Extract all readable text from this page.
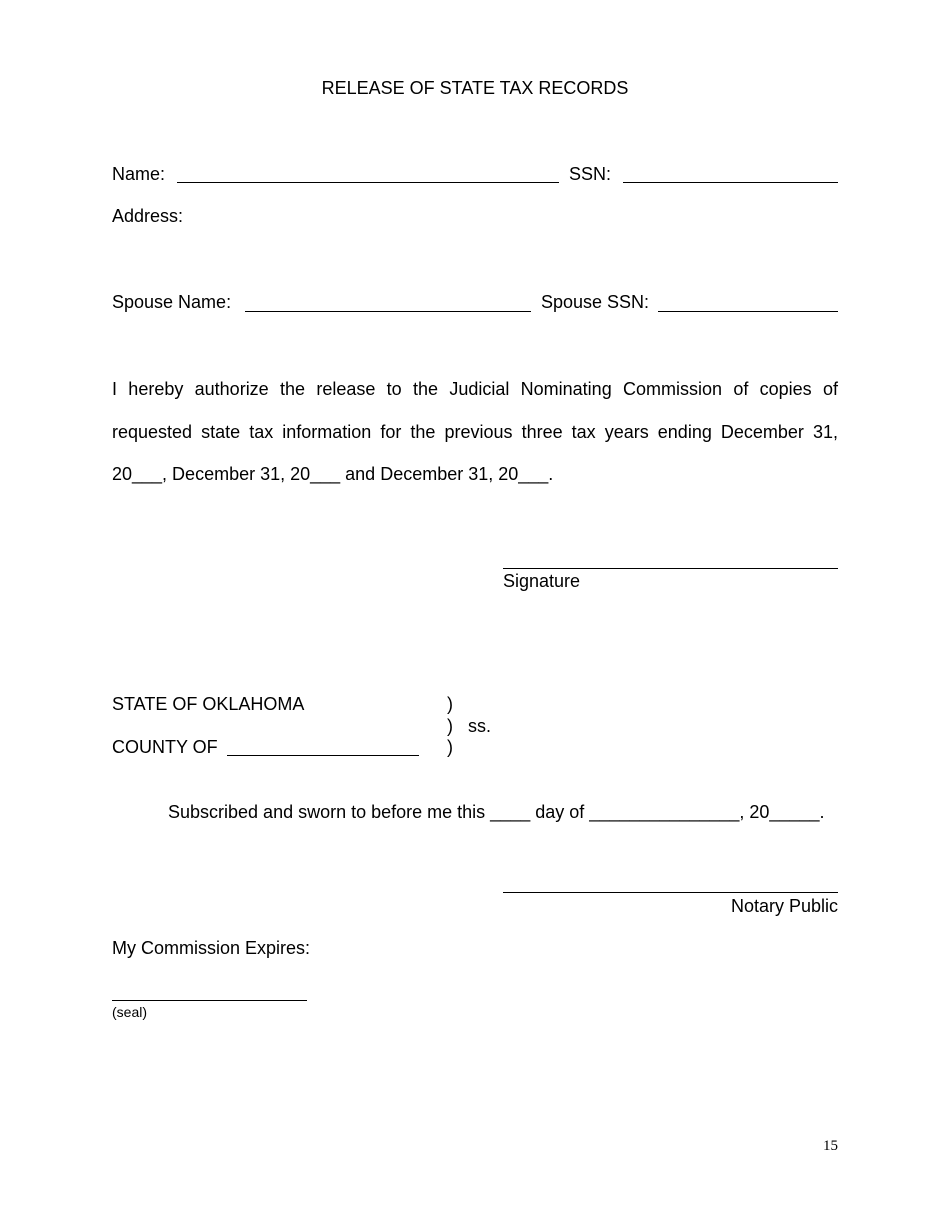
RELEASE OF STATE TAX RECORDS
Name:	SSN:
Address:
Spouse Name:	Spouse SSN:
I hereby authorize the release to the Judicial Nominating Commission of copies of requested state tax information for the previous three tax years ending December 31, 20___, December 31, 20___ and December 31, 20___.
Signature
STATE OF OKLAHOMA	)
) ss.
)
COUNTY OF
Subscribed and sworn to before me this ____ day of _______________, 20_____.
Notary Public
My Commission Expires:
(seal)
15
